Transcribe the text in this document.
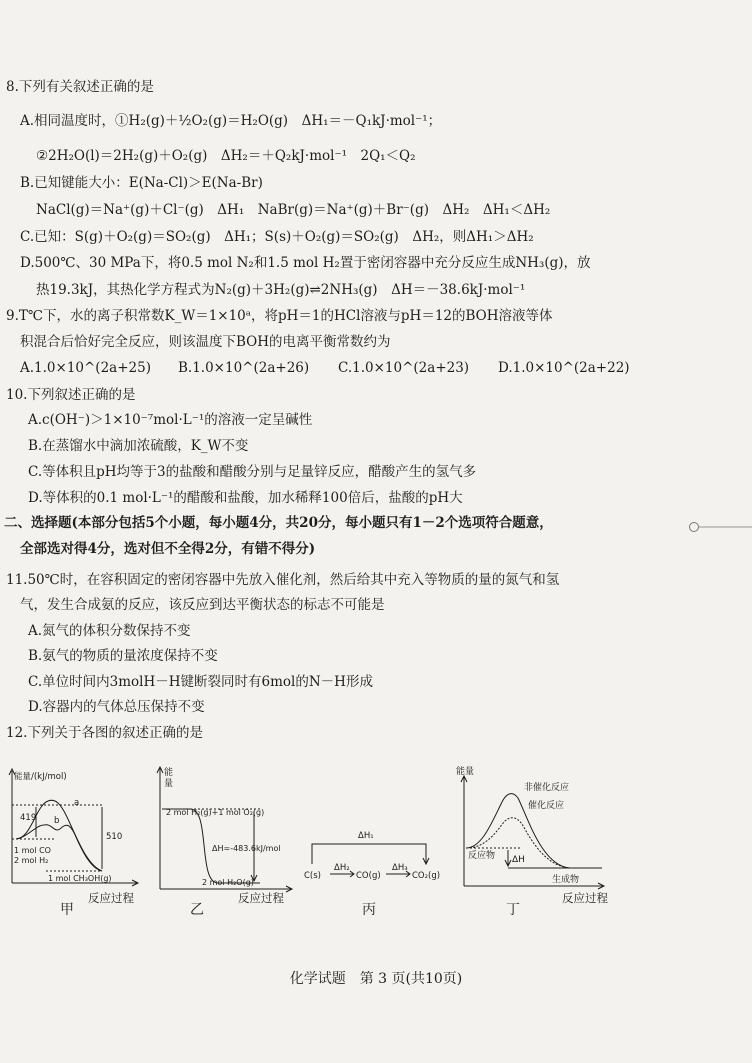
8.下列有关叙述正确的是
A.相同温度时，①H₂(g)＋½O₂(g)＝H₂O(g)　ΔH₁＝－Q₁kJ·mol⁻¹；
②2H₂O(l)＝2H₂(g)＋O₂(g)　ΔH₂＝＋Q₂kJ·mol⁻¹　2Q₁＜Q₂
B.已知键能大小：E(Na-Cl)＞E(Na-Br)
NaCl(g)＝Na⁺(g)＋Cl⁻(g)　ΔH₁　NaBr(g)＝Na⁺(g)＋Br⁻(g)　ΔH₂　ΔH₁＜ΔH₂
C.已知：S(g)＋O₂(g)＝SO₂(g)　ΔH₁；S(s)＋O₂(g)＝SO₂(g)　ΔH₂，则ΔH₁＞ΔH₂
D.500℃、30 MPa下，将0.5 mol N₂和1.5 mol H₂置于密闭容器中充分反应生成NH₃(g)，放
热19.3kJ，其热化学方程式为N₂(g)＋3H₂(g)⇌2NH₃(g)　ΔH＝－38.6kJ·mol⁻¹
9.T℃下，水的离子积常数K_W＝1×10ᵃ，将pH＝1的HCl溶液与pH＝12的BOH溶液等体
积混合后恰好完全反应，则该温度下BOH的电离平衡常数约为
A.1.0×10^(2a+25) B.1.0×10^(2a+26) C.1.0×10^(2a+23) D.1.0×10^(2a+22)
10.下列叙述正确的是
A.c(OH⁻)＞1×10⁻⁷mol·L⁻¹的溶液一定呈碱性
B.在蒸馏水中滴加浓硫酸，K_W不变
C.等体积且pH均等于3的盐酸和醋酸分别与足量锌反应，醋酸产生的氢气多
D.等体积的0.1 mol·L⁻¹的醋酸和盐酸，加水稀释100倍后，盐酸的pH大
二、选择题(本部分包括5个小题，每小题4分，共20分，每小题只有1－2个选项符合题意，
全部选对得4分，选对但不全得2分，有错不得分)
11.50℃时，在容积固定的密闭容器中先放入催化剂，然后给其中充入等物质的量的氮气和氢
气，发生合成氨的反应，该反应到达平衡状态的标志不可能是
A.氮气的体积分数保持不变
B.氨气的物质的量浓度保持不变
C.单位时间内3molH－H键断裂同时有6mol的N－H形成
D.容器内的气体总压保持不变
12.下列关于各图的叙述正确的是
能量/(kJ/mol)
419
510
a
b
1 mol CO
2 mol H₂
1 mol CH₃OH(g)
甲
反应过程
能
量
2 mol H₂(g)+1 mol O₂(g)
ΔH=-483.6kJ/mol
2 mol H₂O(g)
乙
反应过程
ΔH₁
ΔH₂	ΔH₃
C(s)	CO(g)	CO₂(g)
丙
能量
非催化反应
催化反应
反应物 ΔH
生成物
丁
反应过程
化学试题　第 3 页(共10页)
